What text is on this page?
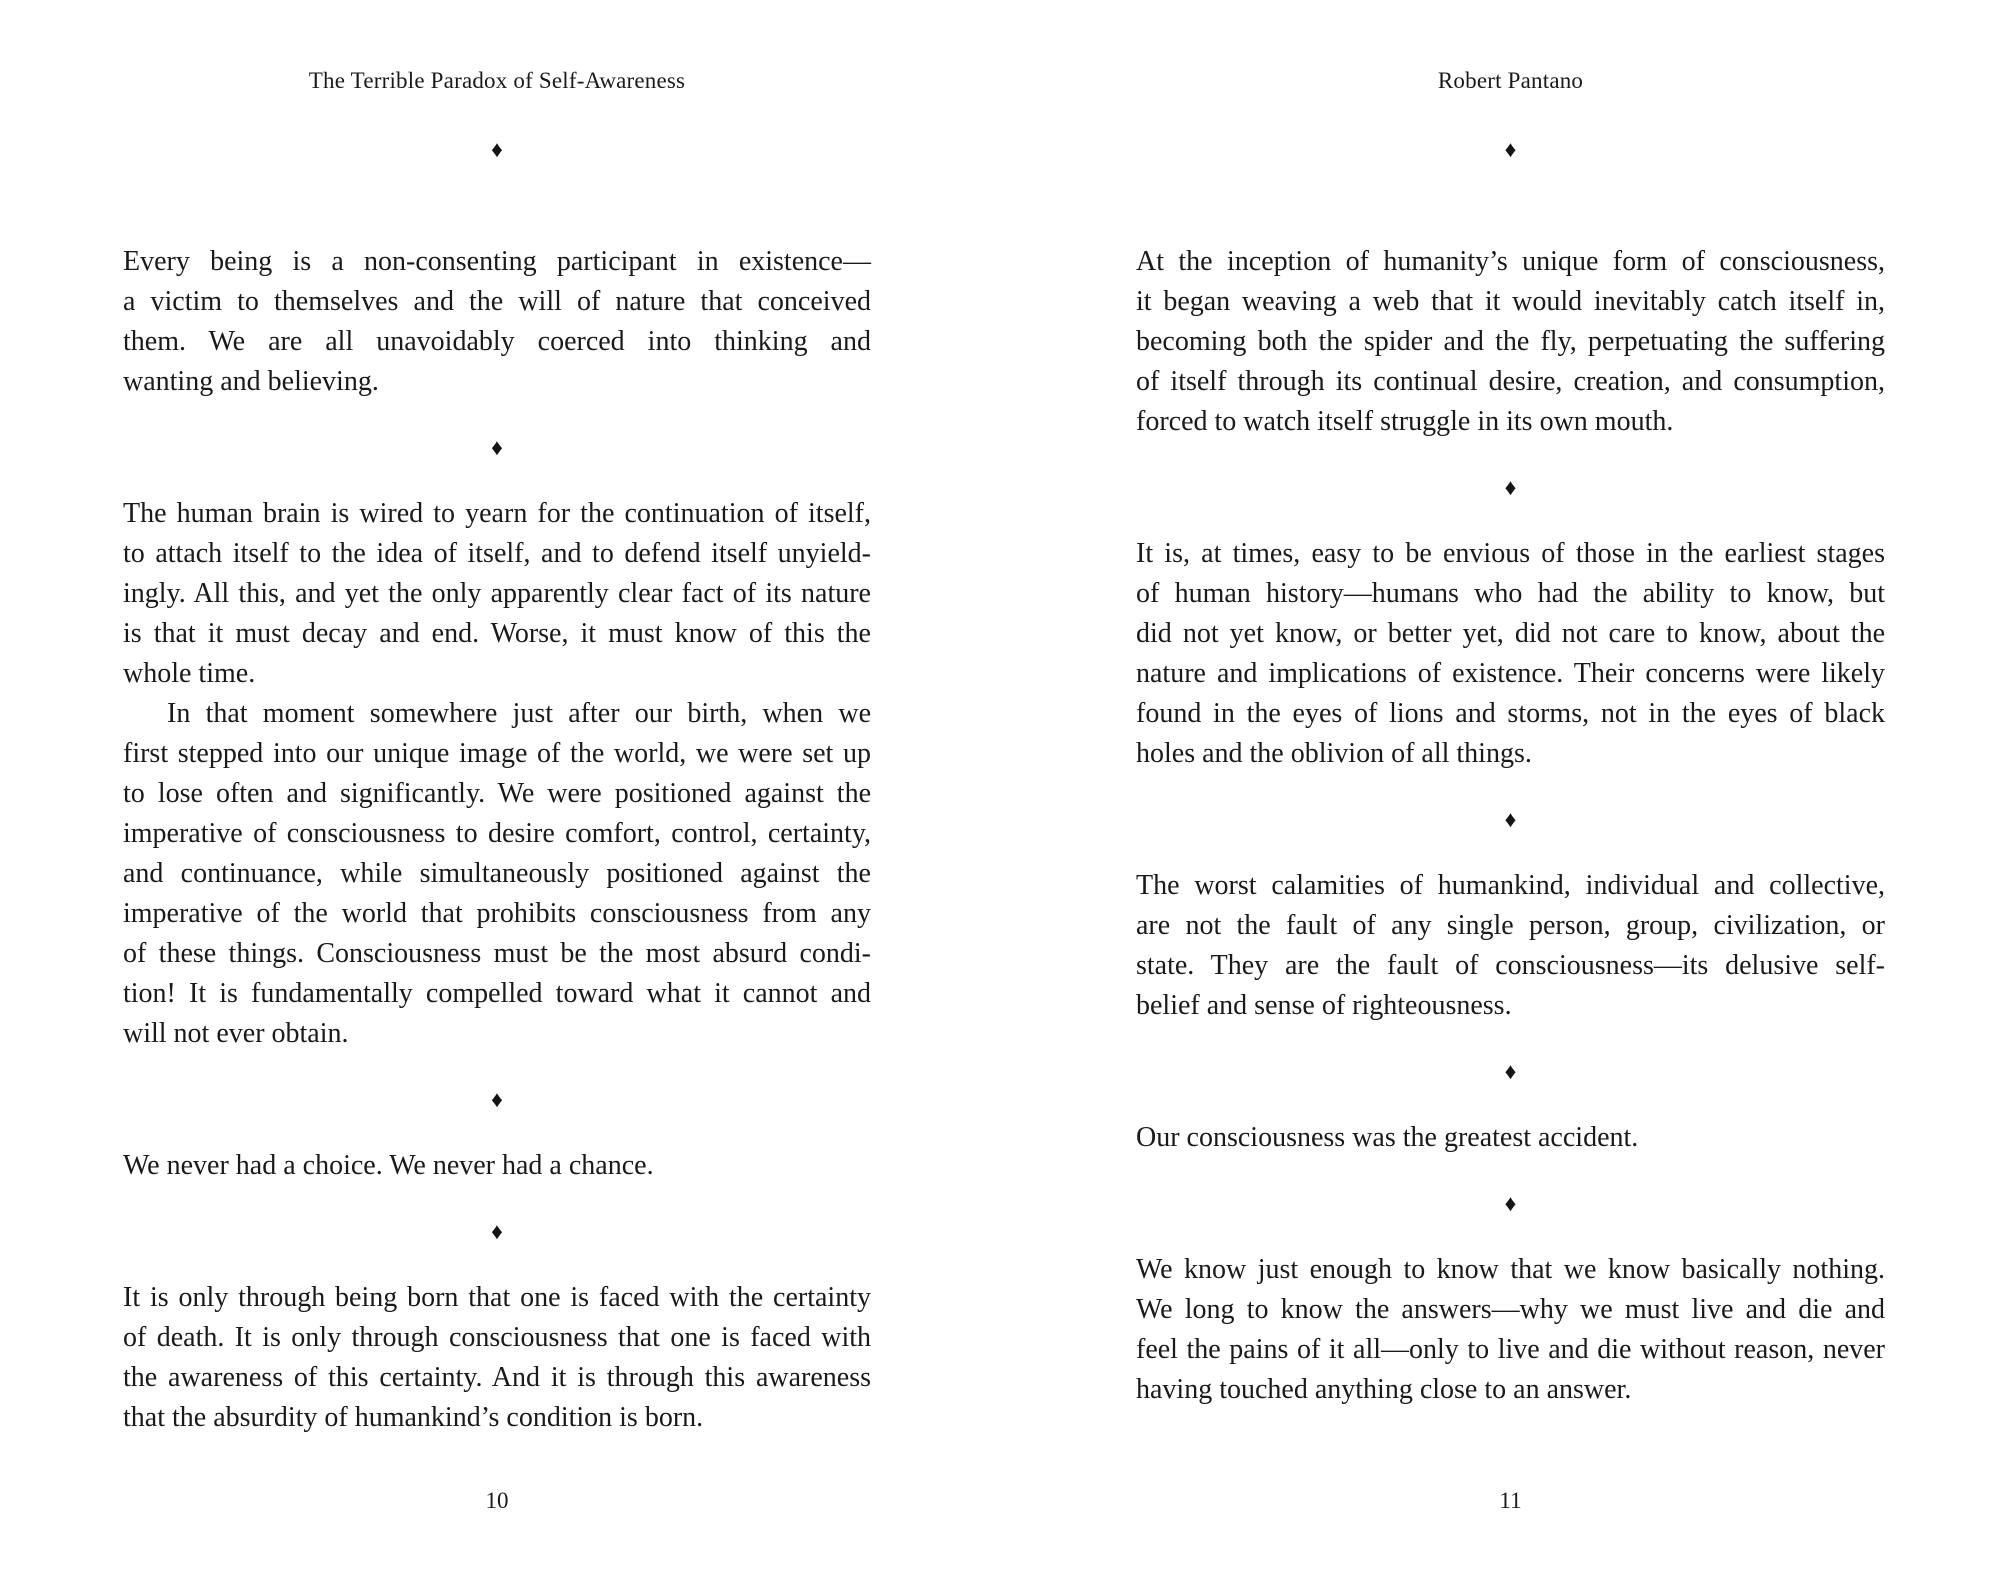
The Terrible Paradox of Self-Awareness
♦
Every being is a non-consenting participant in existence—
a victim to themselves and the will of nature that conceived
them. We are all unavoidably coerced into thinking and
wanting and believing.
♦
The human brain is wired to yearn for the continuation of itself,
to attach itself to the idea of itself, and to defend itself unyield-
ingly. All this, and yet the only apparently clear fact of its nature
is that it must decay and end. Worse, it must know of this the
whole time.
In that moment somewhere just after our birth, when we
first stepped into our unique image of the world, we were set up
to lose often and significantly. We were positioned against the
imperative of consciousness to desire comfort, control, certainty,
and continuance, while simultaneously positioned against the
imperative of the world that prohibits consciousness from any
of these things. Consciousness must be the most absurd condi-
tion! It is fundamentally compelled toward what it cannot and
will not ever obtain.
♦
We never had a choice. We never had a chance.
♦
It is only through being born that one is faced with the certainty
of death. It is only through consciousness that one is faced with
the awareness of this certainty. And it is through this awareness
that the absurdity of humankind’s condition is born.
10
Robert Pantano
♦
At the inception of humanity’s unique form of consciousness,
it began weaving a web that it would inevitably catch itself in,
becoming both the spider and the fly, perpetuating the suffering
of itself through its continual desire, creation, and consumption,
forced to watch itself struggle in its own mouth.
♦
It is, at times, easy to be envious of those in the earliest stages
of human history—humans who had the ability to know, but
did not yet know, or better yet, did not care to know, about the
nature and implications of existence. Their concerns were likely
found in the eyes of lions and storms, not in the eyes of black
holes and the oblivion of all things.
♦
The worst calamities of humankind, individual and collective,
are not the fault of any single person, group, civilization, or
state. They are the fault of consciousness—its delusive self-
belief and sense of righteousness.
♦
Our consciousness was the greatest accident.
♦
We know just enough to know that we know basically nothing.
We long to know the answers—why we must live and die and
feel the pains of it all—only to live and die without reason, never
having touched anything close to an answer.
11
